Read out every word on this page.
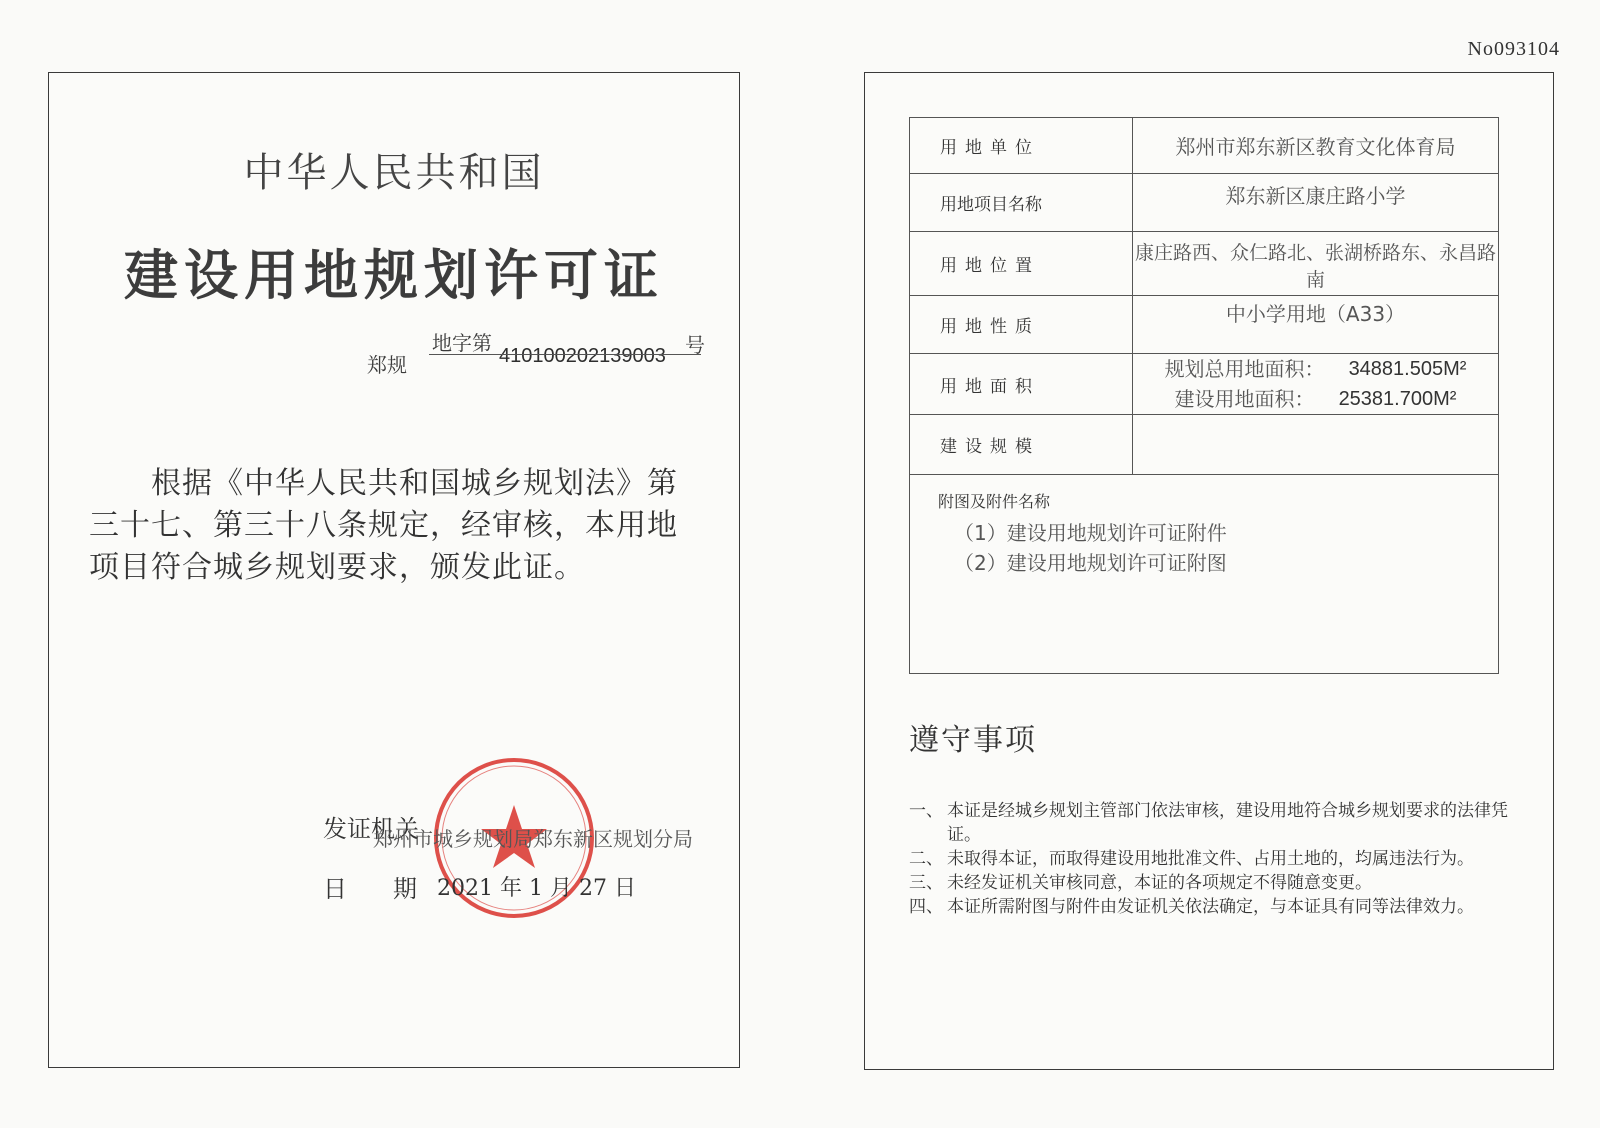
No093104
中华人民共和国
建设用地规划许可证
郑规
地字第
410100202139003 号
根据《中华人民共和国城乡规划法》第
三十七、第三十八条规定，经审核，本用地
项目符合城乡规划要求，颁发此证。
发证机关
郑州市城乡规划局郑东新区规划分局
日 期 2021 年 1 月 27 日
用地单位	郑州市郑东新区教育文化体育局
用地项目名称	郑东新区康庄路小学
用地位置	康庄路西、众仁路北、张湖桥路东、永昌路南
用地性质	中小学用地（A33）
用地面积	规划总用地面积： 34881.505M²
建设用地面积： 25381.700M²

建设规模	

附图及附件名称
（1）建设用地规划许可证附件
（2）建设用地规划许可证附图	
遵守事项
一、 本证是经城乡规划主管部门依法审核，建设用地符合城乡规划要求的法律凭证。
二、 未取得本证，而取得建设用地批准文件、占用土地的，均属违法行为。
三、 未经发证机关审核同意，本证的各项规定不得随意变更。
四、 本证所需附图与附件由发证机关依法确定，与本证具有同等法律效力。
